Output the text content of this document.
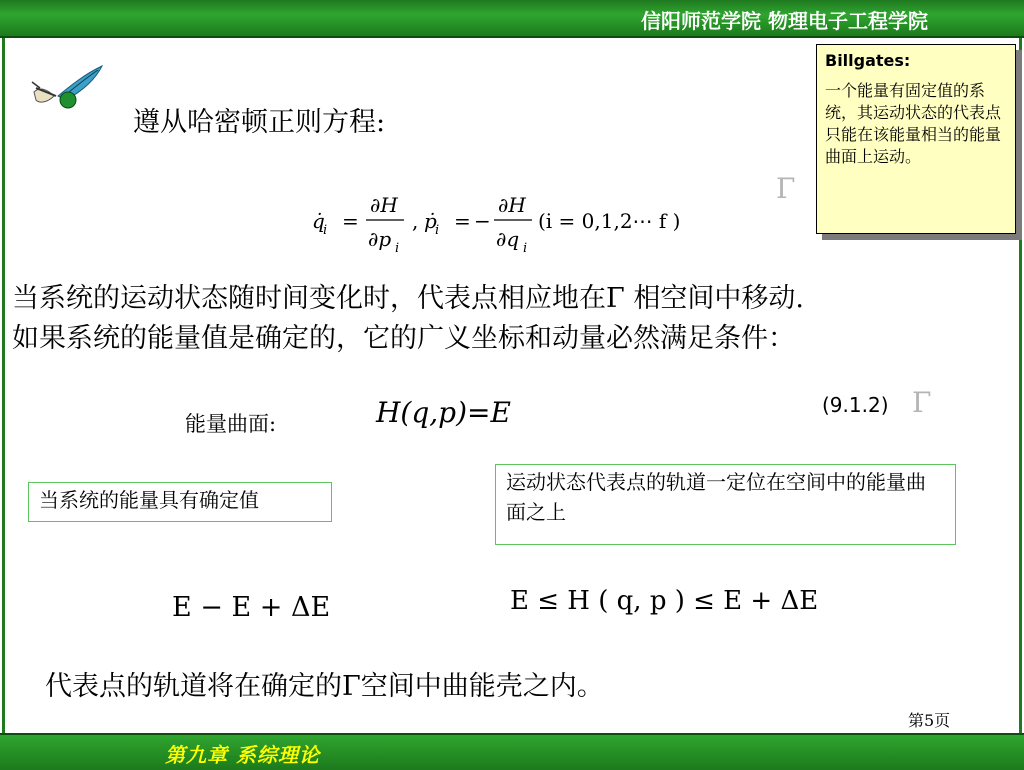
信阳师范学院 物理电子工程学院
遵从哈密顿正则方程:
q̇
i =
∂H
∂p i
, ṗ
i = −
∂H
∂q i
(i = 0,1,2⋯ f )
Γ
当系统的运动状态随时间变化时，代表点相应地在Γ 相空间中移动.
如果系统的能量值是确定的，它的广义坐标和动量必然满足条件：
能量曲面:	H(q,p)=E	(9.1.2) Γ
当系统的能量具有确定值
运动状态代表点的轨道一定位在空间中的能量曲面之上
E − E + ΔE	E ≤ H ( q, p ) ≤ E + ΔE
代表点的轨道将在确定的Γ空间中曲能壳之内。
第5页
Billgates:
一个能量有固定值的系统，其运动状态的代表点只能在该能量相当的能量曲面上运动。
第九章 系综理论
